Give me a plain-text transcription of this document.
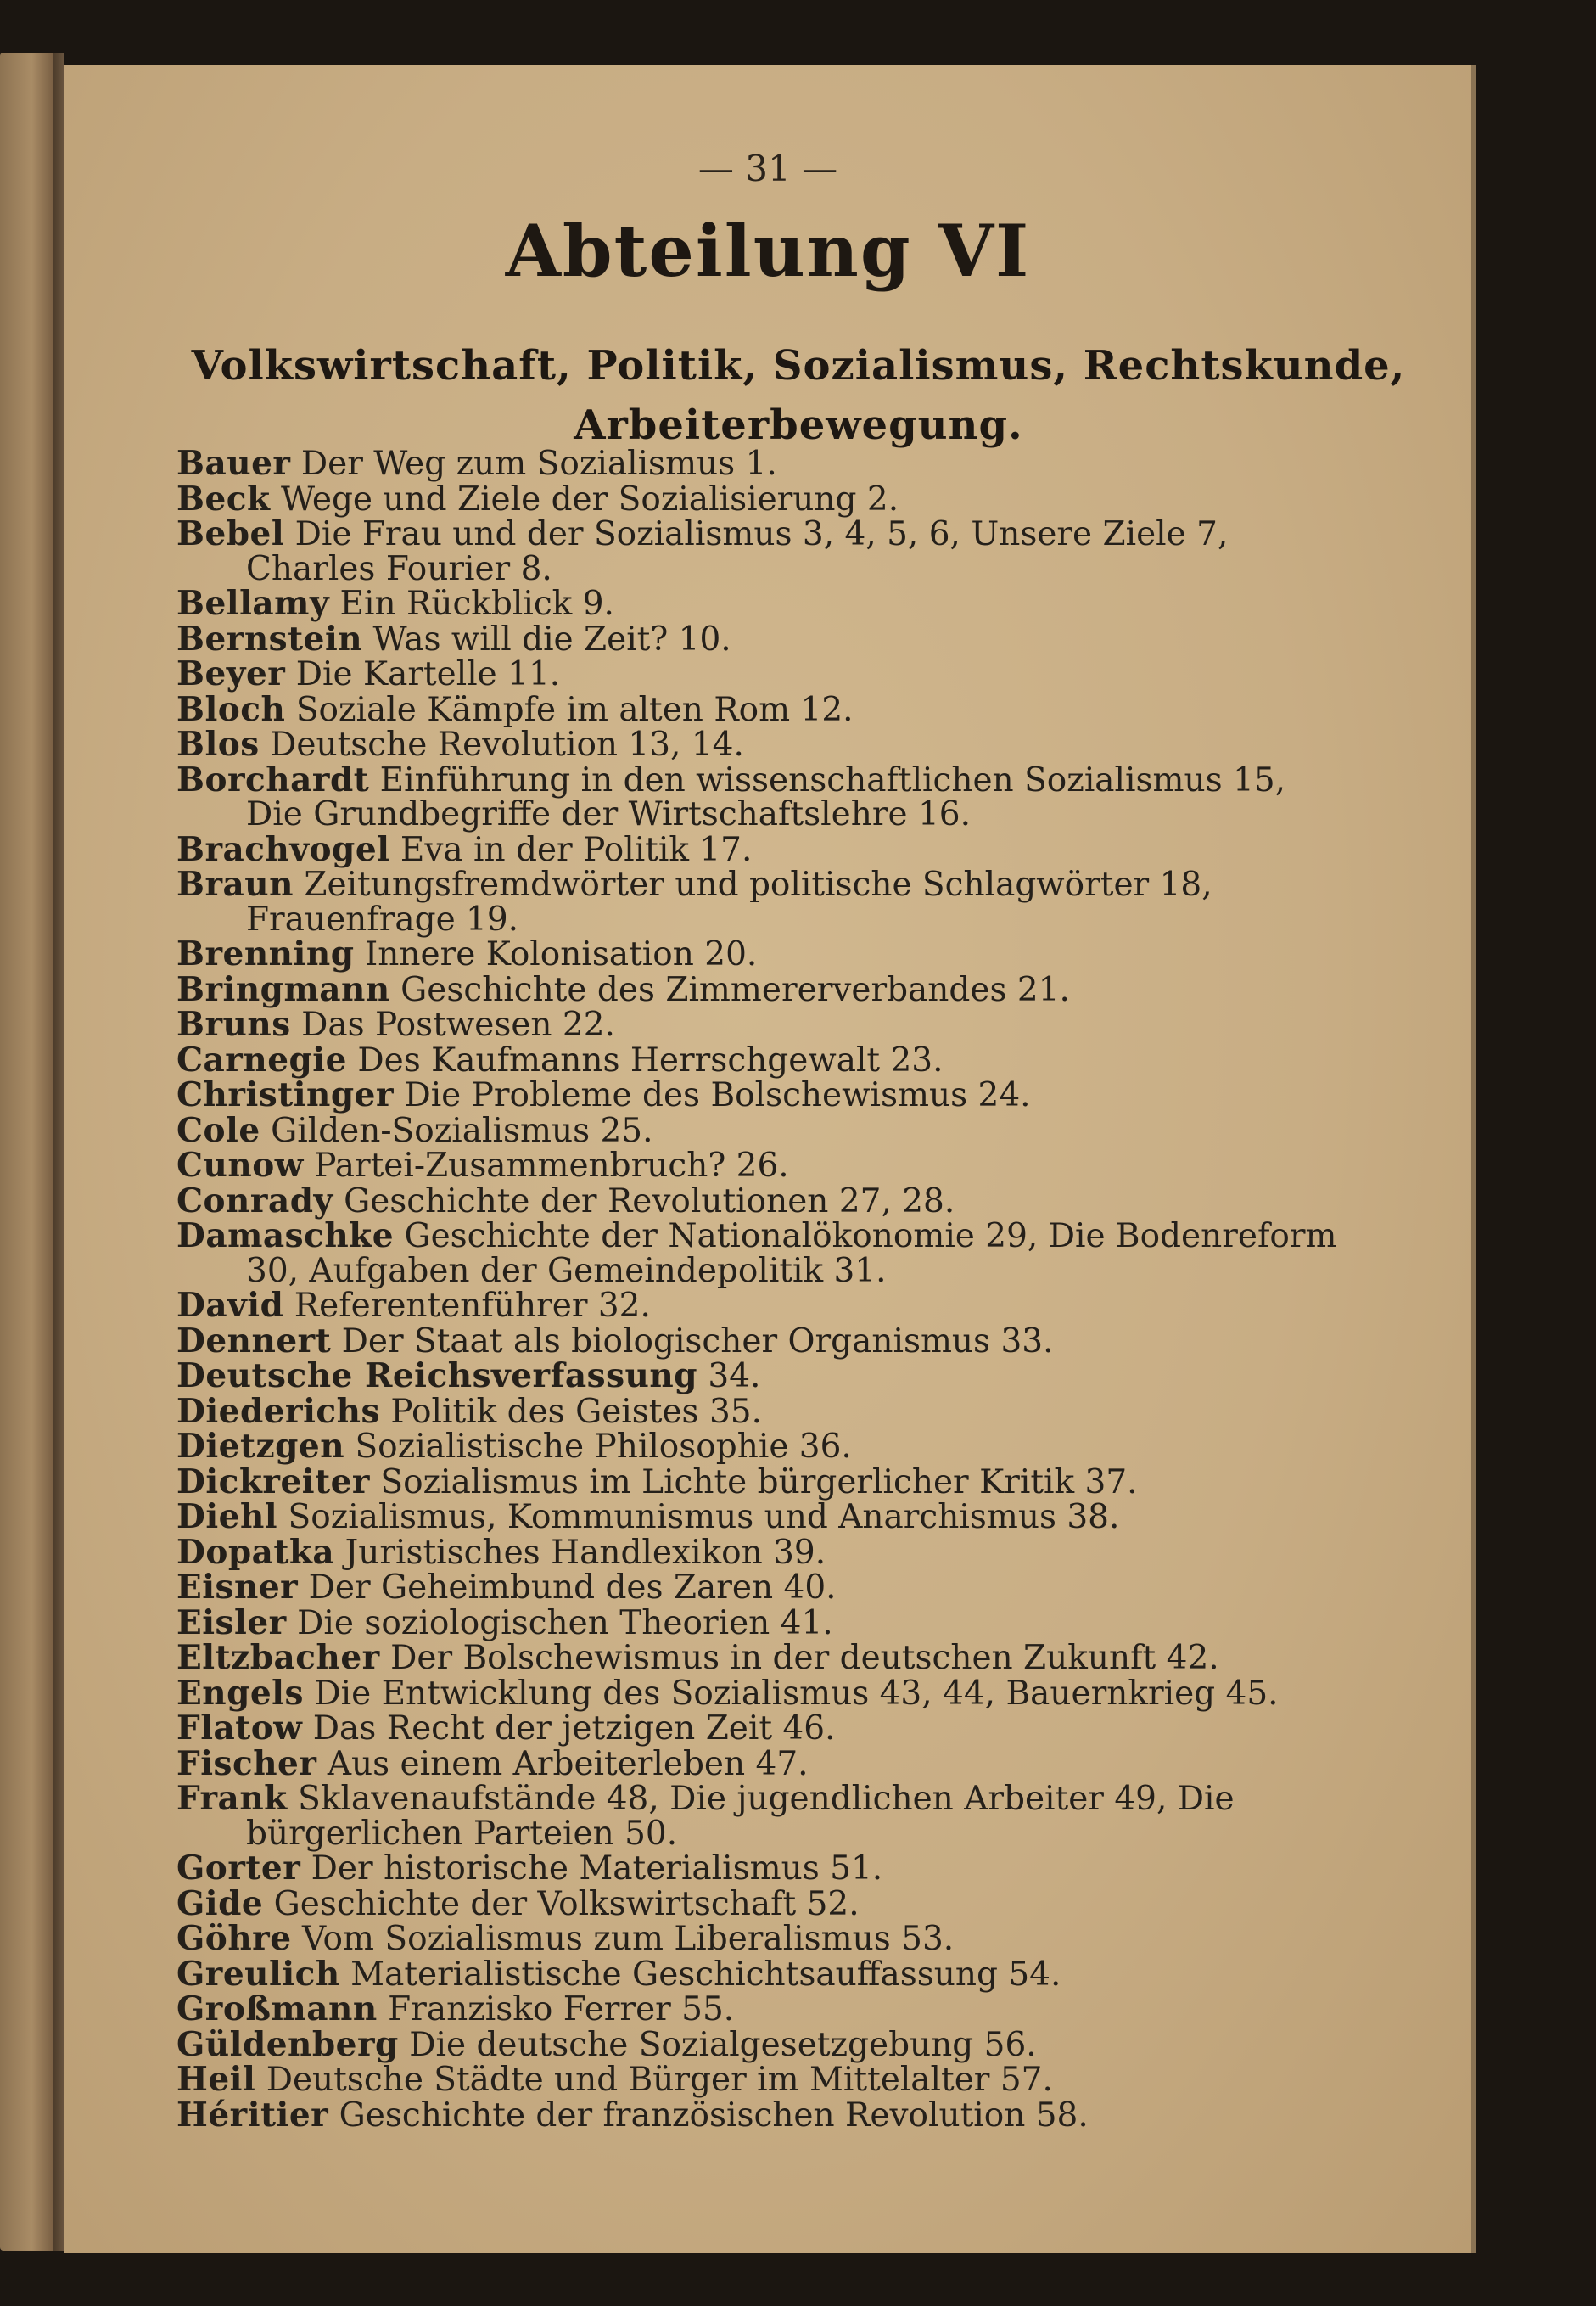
— 31 —
Abteilung VI
Volkswirtschaft, Politik, Sozialismus, Rechtskunde,
Arbeiterbewegung.

Bauer Der Weg zum Sozialismus 1.

Beck Wege und Ziele der Sozialisierung 2.

Bebel Die Frau und der Sozialismus 3, 4, 5, 6, Unsere Ziele 7, Charles Fourier 8.

Bellamy Ein Rückblick 9.

Bernstein Was will die Zeit? 10.

Beyer Die Kartelle 11.

Bloch Soziale Kämpfe im alten Rom 12.

Blos Deutsche Revolution 13, 14.

Borchardt Einführung in den wissenschaftlichen Sozialismus 15, Die Grundbegriffe der Wirtschaftslehre 16.

Brachvogel Eva in der Politik 17.

Braun Zeitungsfremdwörter und politische Schlagwörter 18, Frauenfrage 19.

Brenning Innere Kolonisation 20.

Bringmann Geschichte des Zimmererverbandes 21.

Bruns Das Postwesen 22.

Carnegie Des Kaufmanns Herrschgewalt 23.

Christinger Die Probleme des Bolschewismus 24.

Cole Gilden-Sozialismus 25.

Cunow Partei-Zusammenbruch? 26.

Conrady Geschichte der Revolutionen 27, 28.

Damaschke Geschichte der Nationalökonomie 29, Die Bodenreform 30, Aufgaben der Gemeindepolitik 31.

David Referentenführer 32.

Dennert Der Staat als biologischer Organismus 33.

Deutsche Reichsverfassung 34.

Diederichs Politik des Geistes 35.

Dietzgen Sozialistische Philosophie 36.

Dickreiter Sozialismus im Lichte bürgerlicher Kritik 37.

Diehl Sozialismus, Kommunismus und Anarchismus 38.

Dopatka Juristisches Handlexikon 39.

Eisner Der Geheimbund des Zaren 40.

Eisler Die soziologischen Theorien 41.

Eltzbacher Der Bolschewismus in der deutschen Zukunft 42.

Engels Die Entwicklung des Sozialismus 43, 44, Bauernkrieg 45.

Flatow Das Recht der jetzigen Zeit 46.

Fischer Aus einem Arbeiterleben 47.

Frank Sklavenaufstände 48, Die jugendlichen Arbeiter 49, Die bürgerlichen Parteien 50.

Gorter Der historische Materialismus 51.

Gide Geschichte der Volkswirtschaft 52.

Göhre Vom Sozialismus zum Liberalismus 53.

Greulich Materialistische Geschichtsauffassung 54.

Großmann Franzisko Ferrer 55.

Güldenberg Die deutsche Sozialgesetzgebung 56.

Heil Deutsche Städte und Bürger im Mittelalter 57.

Héritier Geschichte der französischen Revolution 58.
